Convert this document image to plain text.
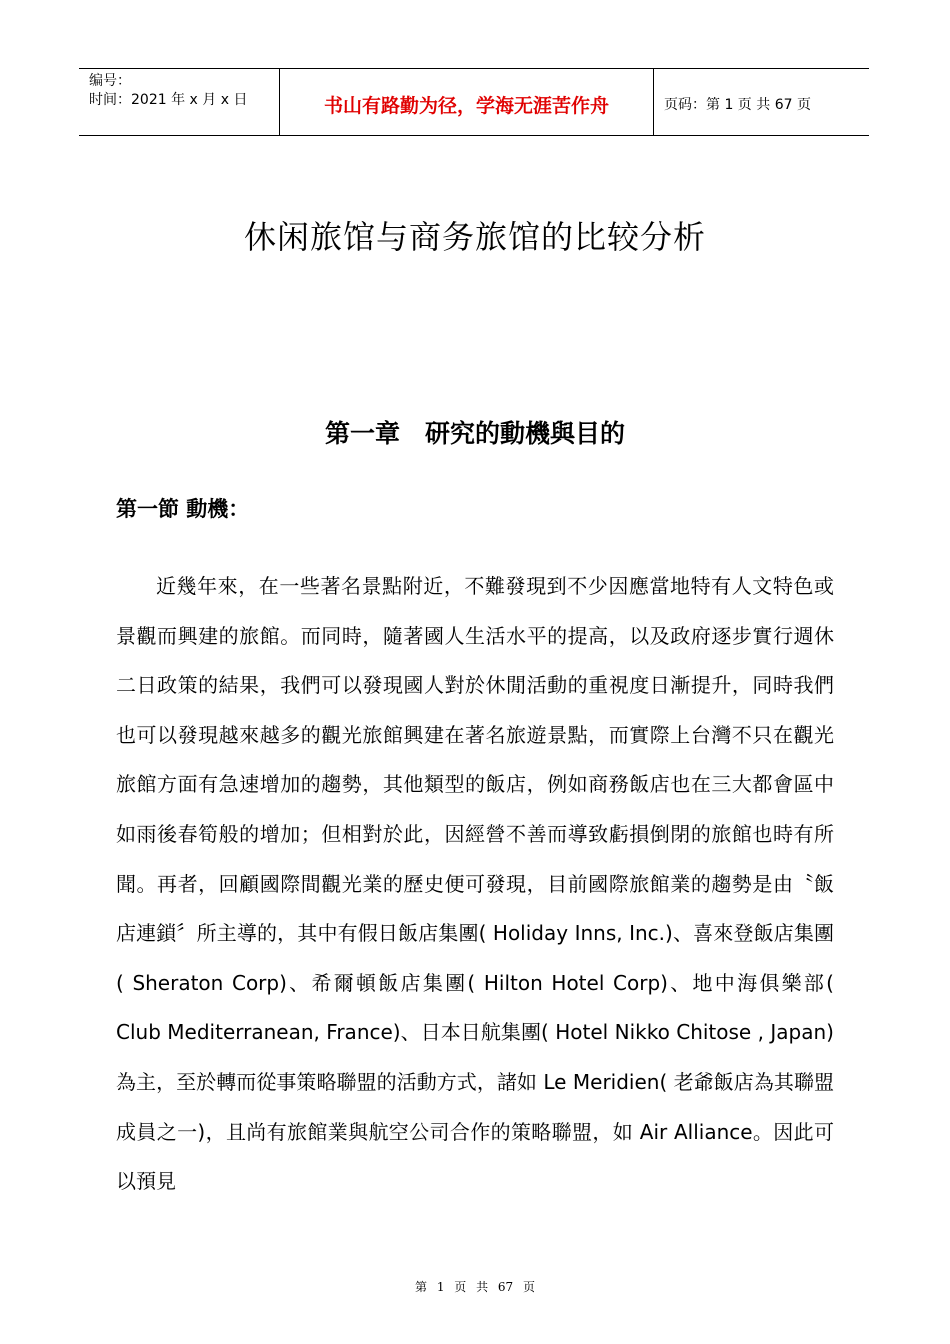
编号：
时间：2021 年 x 月 x 日	书山有路勤为径，学海无涯苦作舟	页码：第 1 页 共 67 页
休闲旅馆与商务旅馆的比较分析
第一章　研究的動機與目的
第一節 動機：

近幾年來，在一些著名景點附近，不難發現到不少因應當地特有人文特色或景觀而興建的旅館。而同時，隨著國人生活水平的提高，以及政府逐步實行週休二日政策的結果，我們可以發現國人對於休閒活動的重視度日漸提升，同時我們也可以發現越來越多的觀光旅館興建在著名旅遊景點，而實際上台灣不只在觀光旅館方面有急速增加的趨勢，其他類型的飯店，例如商務飯店也在三大都會區中如雨後春筍般的增加；但相對於此，因經營不善而導致虧損倒閉的旅館也時有所聞。再者，回顧國際間觀光業的歷史便可發現，目前國際旅館業的趨勢是由〝飯店連鎖〞所主導的，其中有假日飯店集團( Holiday Inns, Inc.)、喜來登飯店集團( Sheraton Corp)、希爾頓飯店集團( Hilton Hotel Corp)、地中海俱樂部( Club Mediterranean, France)、日本日航集團( Hotel Nikko Chitose , Japan)為主，至於轉而從事策略聯盟的活動方式，諸如 Le Meridien( 老爺飯店為其聯盟成員之一)，且尚有旅館業與航空公司合作的策略聯盟，如 Air Alliance。因此可以預見

第 1 页 共 67 页
